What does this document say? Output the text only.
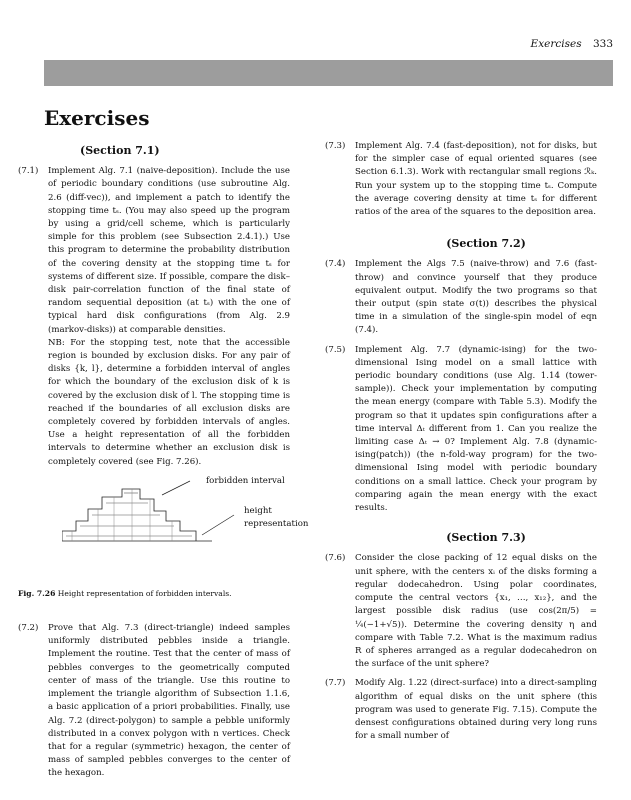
Exercises 333
Exercises
(Section 7.1)
(7.1)	Implement Alg. 7.1 (naive-deposition). Include the use of periodic boundary conditions (use subroutine Alg. 2.6 (diff-vec)), and implement a patch to identify the stopping time tₛ. (You may also speed up the program by using a grid/cell scheme, which is particularly simple for this problem (see Subsection 2.4.1).) Use this program to determine the probability distribution of the covering density at the stopping time tₛ for systems of different size. If possible, compare the disk–disk pair-correlation function of the final state of random sequential deposition (at tₛ) with the one of typical hard disk configurations (from Alg. 2.9 (markov-disks)) at comparable densities.
NB: For the stopping test, note that the accessible region is bounded by exclusion disks. For any pair of disks {k, l}, determine a forbidden interval of angles for which the boundary of the exclusion disk of k is covered by the exclusion disk of l. The stopping time is reached if the boundaries of all exclusion disks are completely covered by forbidden intervals of angles. Use a height representation of all the forbidden intervals to determine whether an exclusion disk is completely covered (see Fig. 7.26).
forbidden interval
height representation
Fig. 7.26 Height representation of forbidden intervals.
(7.2)	Prove that Alg. 7.3 (direct-triangle) indeed samples uniformly distributed pebbles inside a triangle. Implement the routine. Test that the center of mass of pebbles converges to the geometrically computed center of mass of the triangle. Use this routine to implement the triangle algorithm of Subsection 1.1.6, a basic application of a priori probabilities. Finally, use Alg. 7.2 (direct-polygon) to sample a pebble uniformly distributed in a convex polygon with n vertices. Check that for a regular (symmetric) hexagon, the center of mass of sampled pebbles converges to the center of the hexagon.
(7.3)	Implement Alg. 7.4 (fast-deposition), not for disks, but for the simpler case of equal oriented squares (see Section 6.1.3). Work with rectangular small regions ℛₖ. Run your system up to the stopping time tₛ. Compute the average covering density at time tₛ for different ratios of the area of the squares to the deposition area.
(Section 7.2)
(7.4)	Implement the Algs 7.5 (naive-throw) and 7.6 (fast-throw) and convince yourself that they produce equivalent output. Modify the two programs so that their output (spin state σ(t)) describes the physical time in a simulation of the single-spin model of eqn (7.4).
(7.5)	Implement Alg. 7.7 (dynamic-ising) for the two-dimensional Ising model on a small lattice with periodic boundary conditions (use Alg. 1.14 (tower-sample)). Check your implementation by computing the mean energy (compare with Table 5.3). Modify the program so that it updates spin configurations after a time interval Δₜ different from 1. Can you realize the limiting case Δₜ → 0? Implement Alg. 7.8 (dynamic-ising(patch)) (the n-fold-way program) for the two-dimensional Ising model with periodic boundary conditions on a small lattice. Check your program by comparing again the mean energy with the exact results.
(Section 7.3)
(7.6)	Consider the close packing of 12 equal disks on the unit sphere, with the centers xᵢ of the disks forming a regular dodecahedron. Using polar coordinates, compute the central vectors {x₁, …, x₁₂}, and the largest possible disk radius (use cos(2π/5) = ¼(−1+√5)). Determine the covering density η and compare with Table 7.2. What is the maximum radius R of spheres arranged as a regular dodecahedron on the surface of the unit sphere?
(7.7)	Modify Alg. 1.22 (direct-surface) into a direct-sampling algorithm of equal disks on the unit sphere (this program was used to generate Fig. 7.15). Compute the densest configurations obtained during very long runs for a small number of
